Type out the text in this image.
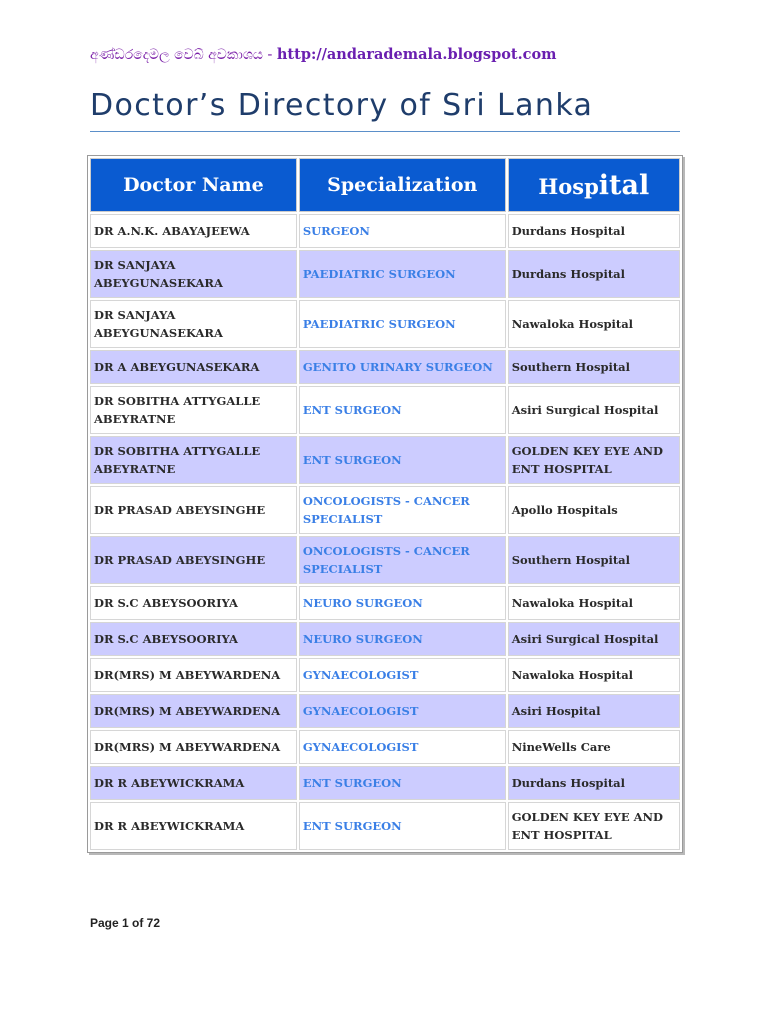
අණ්ඩරදෙමල වෙබ් අවකාශය - http://andarademala.blogspot.com
Doctor’s Directory of Sri Lanka
Doctor Name	Specialization	Hospital
DR A.N.K. ABAYAJEEWA	SURGEON	Durdans Hospital
DR SANJAYA ABEYGUNASEKARA	PAEDIATRIC SURGEON	Durdans Hospital
DR SANJAYA ABEYGUNASEKARA	PAEDIATRIC SURGEON	Nawaloka Hospital
DR A ABEYGUNASEKARA	GENITO URINARY SURGEON	Southern Hospital
DR SOBITHA ATTYGALLE ABEYRATNE	ENT SURGEON	Asiri Surgical Hospital
DR SOBITHA ATTYGALLE ABEYRATNE	ENT SURGEON	GOLDEN KEY EYE AND ENT HOSPITAL
DR PRASAD ABEYSINGHE	ONCOLOGISTS - CANCER SPECIALIST	Apollo Hospitals
DR PRASAD ABEYSINGHE	ONCOLOGISTS - CANCER SPECIALIST	Southern Hospital
DR S.C ABEYSOORIYA	NEURO SURGEON	Nawaloka Hospital
DR S.C ABEYSOORIYA	NEURO SURGEON	Asiri Surgical Hospital
DR(MRS) M ABEYWARDENA	GYNAECOLOGIST	Nawaloka Hospital
DR(MRS) M ABEYWARDENA	GYNAECOLOGIST	Asiri Hospital
DR(MRS) M ABEYWARDENA	GYNAECOLOGIST	NineWells Care
DR R ABEYWICKRAMA	ENT SURGEON	Durdans Hospital
DR R ABEYWICKRAMA	ENT SURGEON	GOLDEN KEY EYE AND ENT HOSPITAL
Page 1 of 72
